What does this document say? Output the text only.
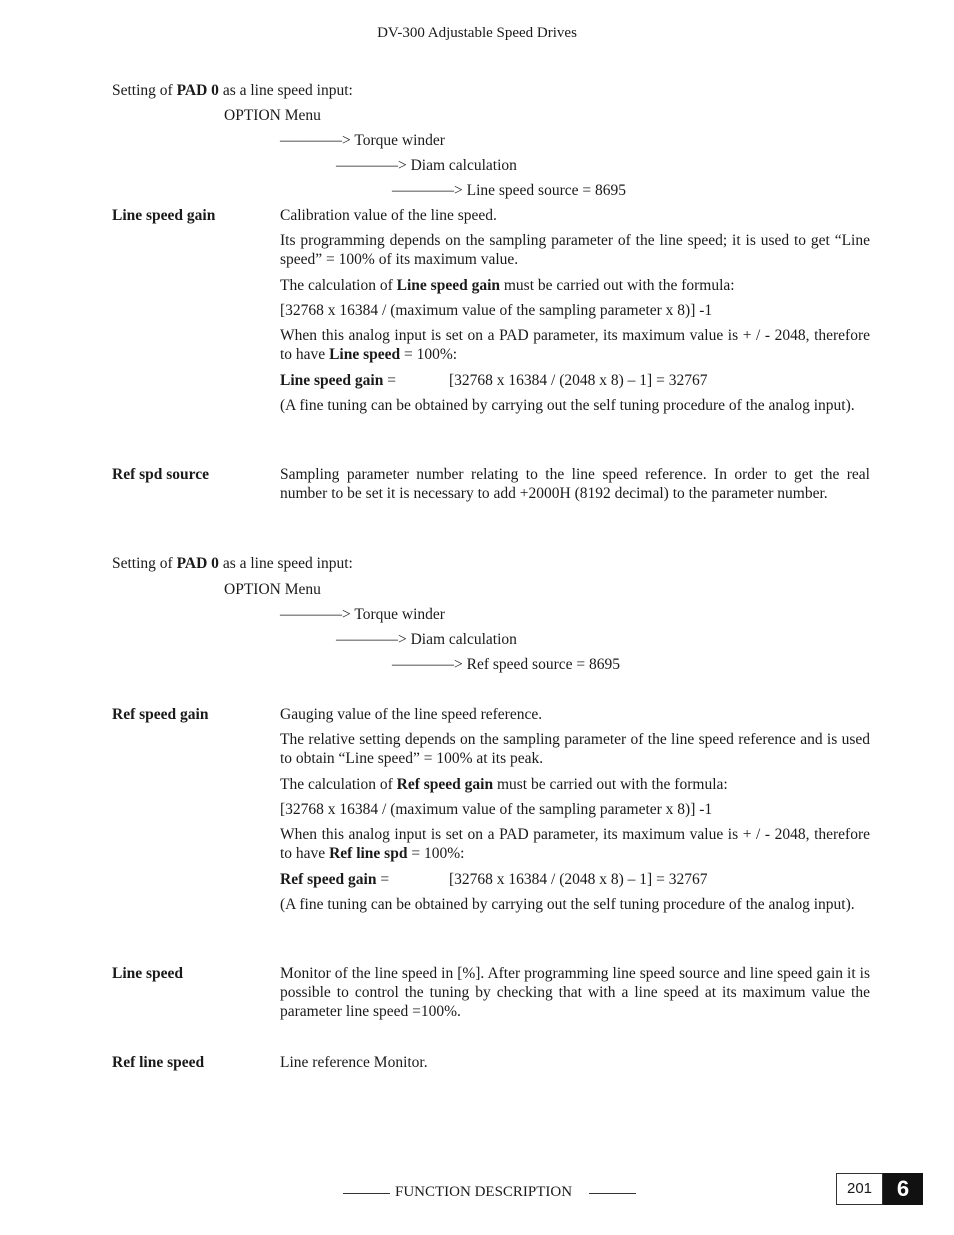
DV-300 Adjustable Speed Drives
Setting of PAD 0 as a line speed input:
OPTION Menu
————> Torque winder
————> Diam calculation
————> Line speed source = 8695
Line speed gain	Calibration value of the line speed.
Its programming depends on the sampling parameter of the line speed; it is used to get “Line speed” = 100% of its maximum value.
The calculation of Line speed gain must be carried out with the formula:
[32768 x 16384 / (maximum value of the sampling parameter x 8)] -1
When this analog input is set on a PAD parameter, its maximum value is + / - 2048, therefore to have Line speed = 100%:
Line speed gain =	[32768 x 16384 / (2048 x 8) – 1] = 32767
(A fine tuning can be obtained by carrying out the self tuning procedure of the analog input).
Ref spd source	Sampling parameter number relating to the line speed reference. In order to get the real number to be set it is necessary to add +2000H (8192 decimal) to the parameter number.
Setting of PAD 0 as a line speed input:
OPTION Menu
————> Torque winder
————> Diam calculation
————> Ref speed source = 8695
Ref speed gain	Gauging value of the line speed reference.
The relative setting depends on the sampling parameter of the line speed reference and is used to obtain “Line speed” = 100% at its peak.
The calculation of Ref speed gain must be carried out with the formula:
[32768 x 16384 / (maximum value of the sampling parameter x 8)] -1
When this analog input is set on a PAD parameter, its maximum value is + / - 2048, therefore to have Ref line spd = 100%:
Ref speed gain =	[32768 x 16384 / (2048 x 8) – 1] = 32767
(A fine tuning can be obtained by carrying out the self tuning procedure of the analog input).
Line speed	Monitor of the line speed in [%]. After programming line speed source and line speed gain it is possible to control the tuning by checking that with a line speed at its maximum value the parameter line speed =100%.
Ref line speed	Line reference Monitor.
FUNCTION DESCRIPTION	201	6
